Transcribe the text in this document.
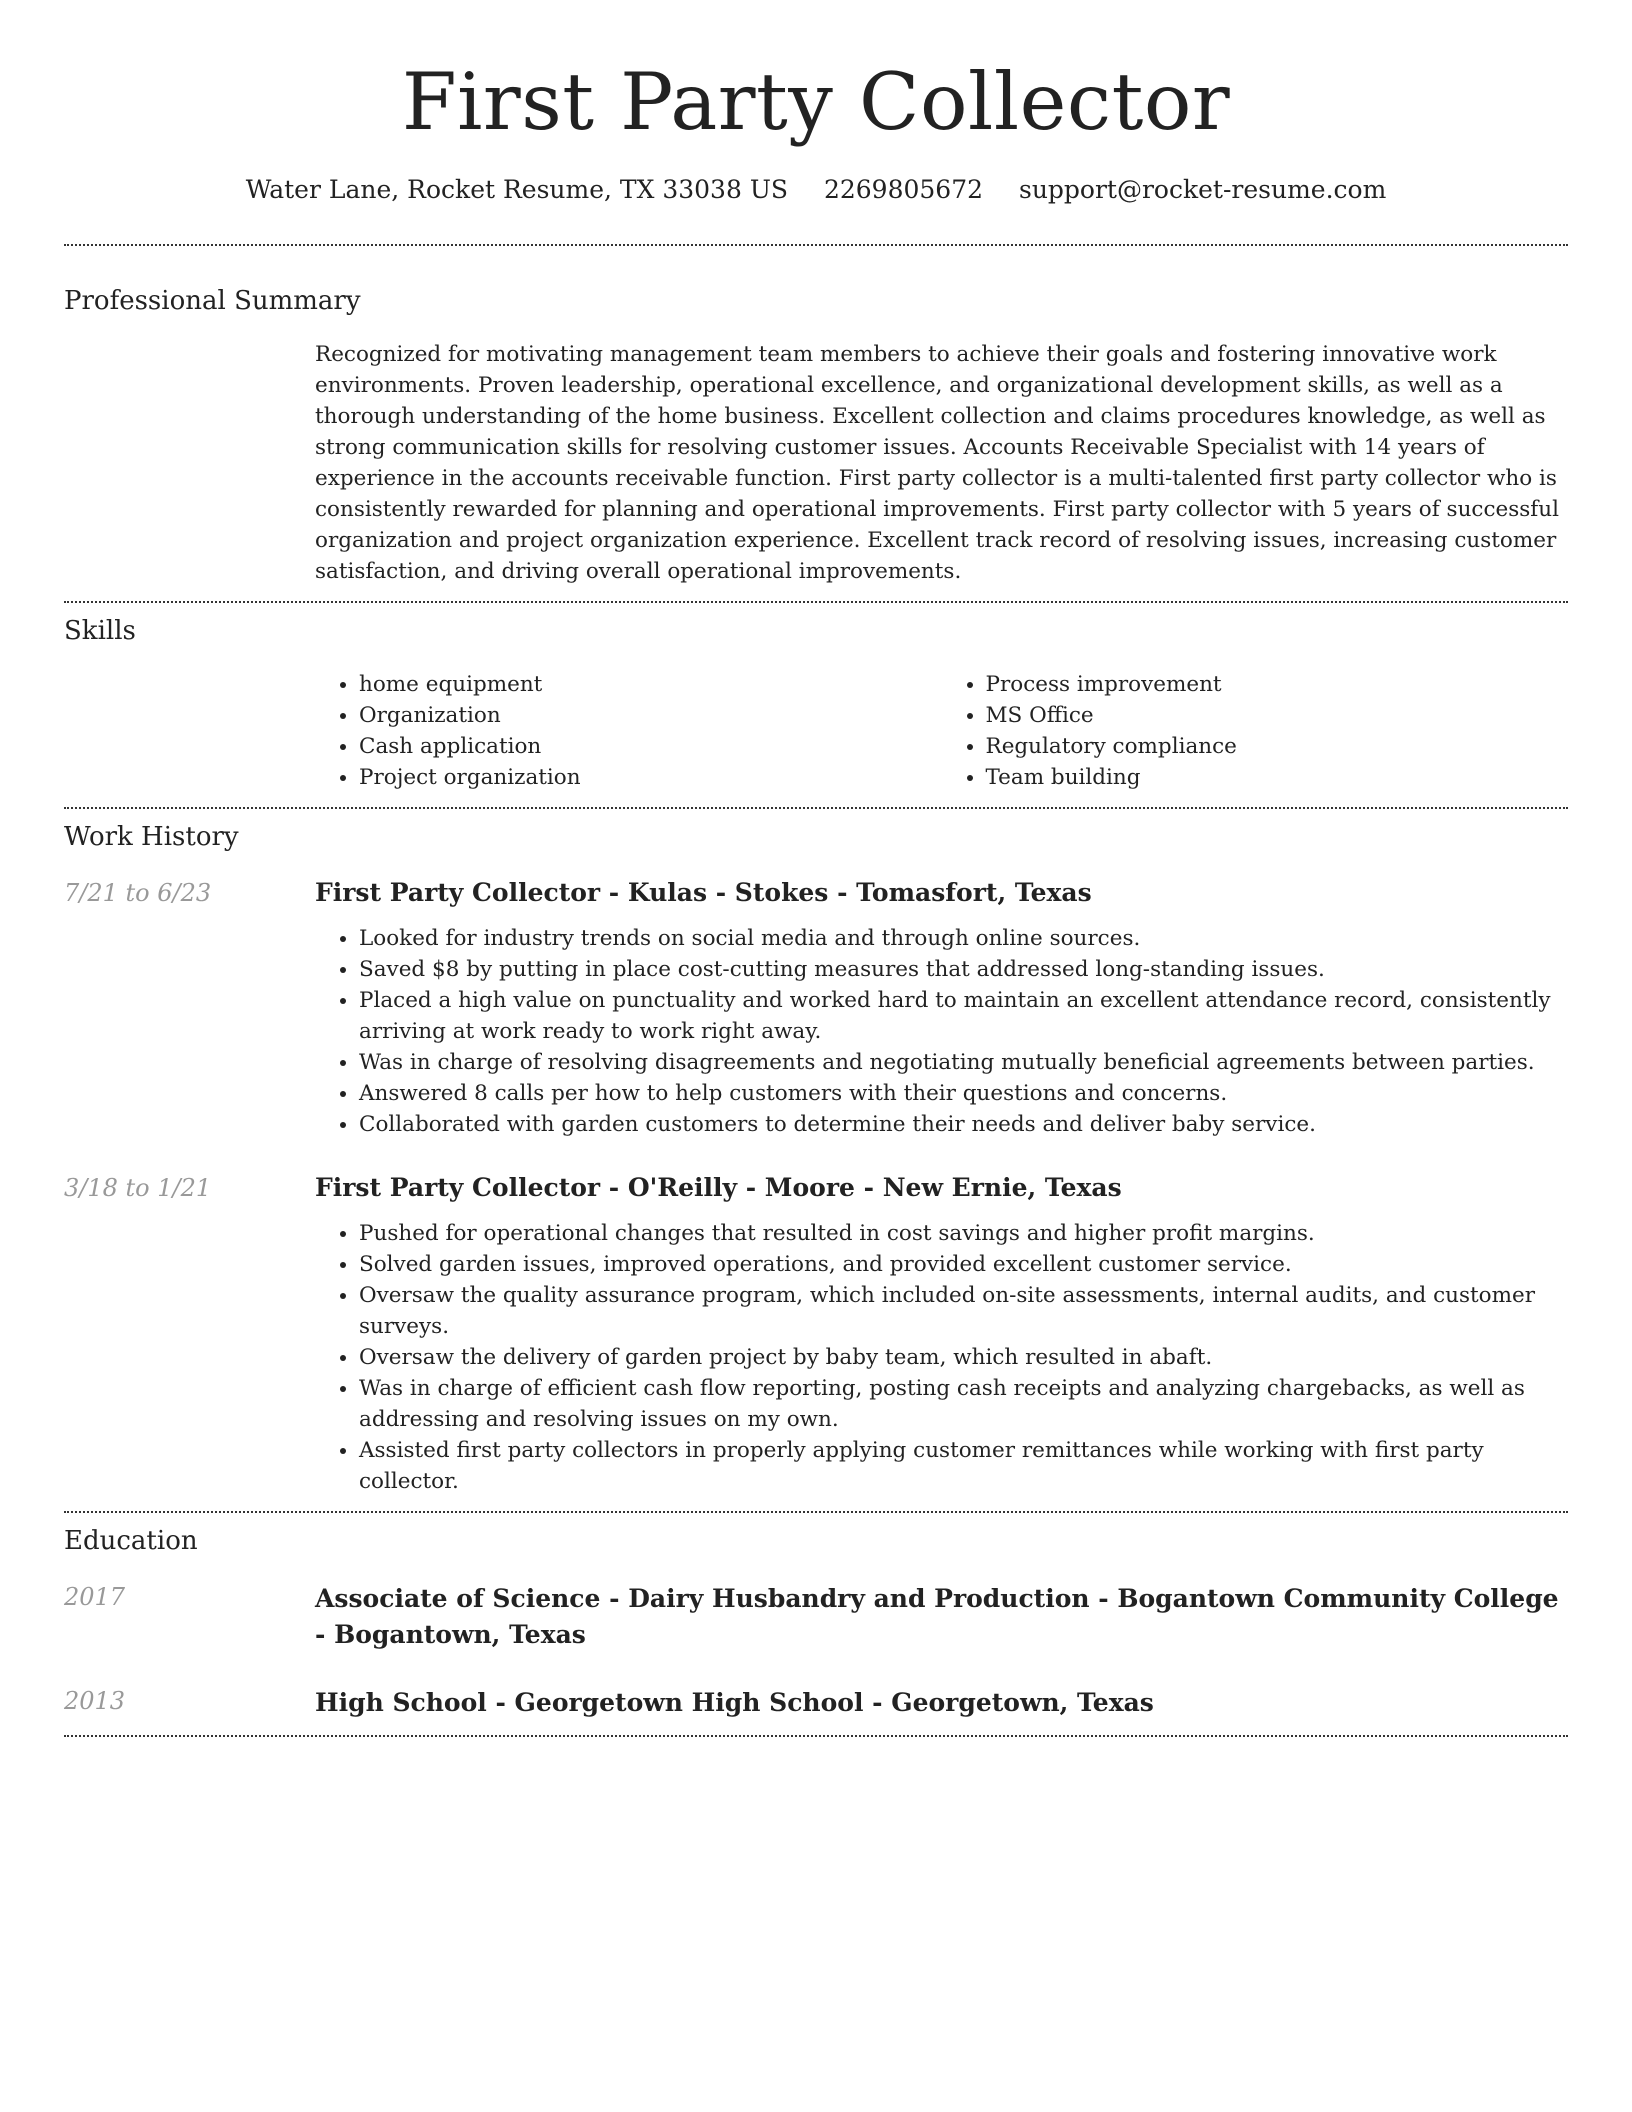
First Party Collector
Water Lane, Rocket Resume, TX 33038 US 2269805672 support@rocket-resume.com
Professional Summary

Recognized for motivating management team members to achieve their goals and fostering innovative work environments. Proven leadership, operational excellence, and organizational development skills, as well as a thorough understanding of the home business. Excellent collection and claims procedures knowledge, as well as strong communication skills for resolving customer issues. Accounts Receivable Specialist with 14 years of experience in the accounts receivable function. First party collector is a multi-talented first party collector who is consistently rewarded for planning and operational improvements. First party collector with 5 years of successful organization and project organization experience. Excellent track record of resolving issues, increasing customer satisfaction, and driving overall operational improvements.

Skills
• home equipment
• Organization
• Cash application
• Project organization
• Process improvement
• MS Office
• Regulatory compliance
• Team building
Work History
7/21 to 6/23	First Party Collector - Kulas - Stokes - Tomasfort, Texas
• Looked for industry trends on social media and through online sources.
• Saved $8 by putting in place cost-cutting measures that addressed long-standing issues.
• Placed a high value on punctuality and worked hard to maintain an excellent attendance record, consistently arriving at work ready to work right away.
• Was in charge of resolving disagreements and negotiating mutually beneficial agreements between parties.
• Answered 8 calls per how to help customers with their questions and concerns.
• Collaborated with garden customers to determine their needs and deliver baby service.
3/18 to 1/21	First Party Collector - O'Reilly - Moore - New Ernie, Texas
• Pushed for operational changes that resulted in cost savings and higher profit margins.
• Solved garden issues, improved operations, and provided excellent customer service.
• Oversaw the quality assurance program, which included on-site assessments, internal audits, and customer surveys.
• Oversaw the delivery of garden project by baby team, which resulted in abaft.
• Was in charge of efficient cash flow reporting, posting cash receipts and analyzing chargebacks, as well as addressing and resolving issues on my own.
• Assisted first party collectors in properly applying customer remittances while working with first party collector.
Education
2017	Associate of Science - Dairy Husbandry and Production - Bogantown Community College - Bogantown, Texas
2013	High School - Georgetown High School - Georgetown, Texas
